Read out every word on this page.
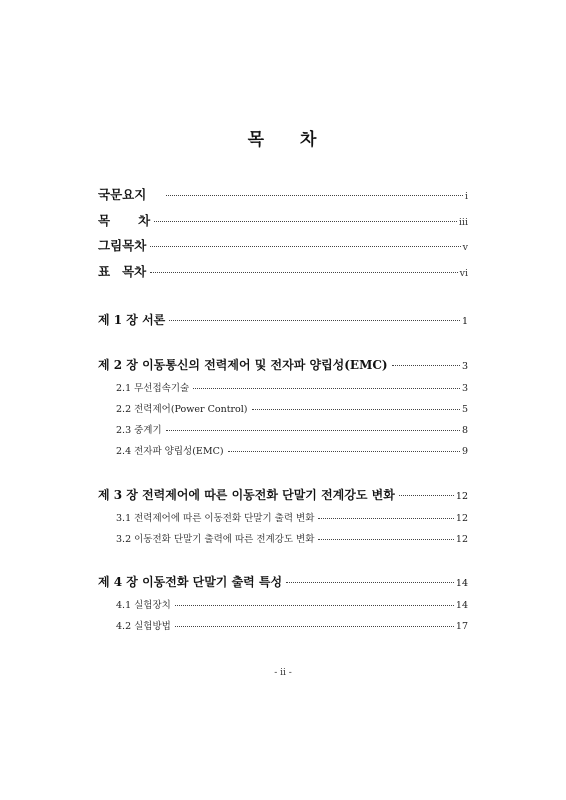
목 차
국문요지	i
목 차	iii
그림목차	v
표 목차	vi
제 1 장 서론	1
제 2 장 이동통신의 전력제어 및 전자파 양립성(EMC)	3
2.1 무선접속기술	3
2.2 전력제어(Power Control)	5
2.3 중계기	8
2.4 전자파 양립성(EMC)	9
제 3 장 전력제어에 따른 이동전화 단말기 전계강도 변화	12
3.1 전력제어에 따른 이동전화 단말기 출력 변화	12
3.2 이동전화 단말기 출력에 따른 전계강도 변화	12
제 4 장 이동전화 단말기 출력 특성	14
4.1 실험장치	14
4.2 실험방법	17
- ii -
